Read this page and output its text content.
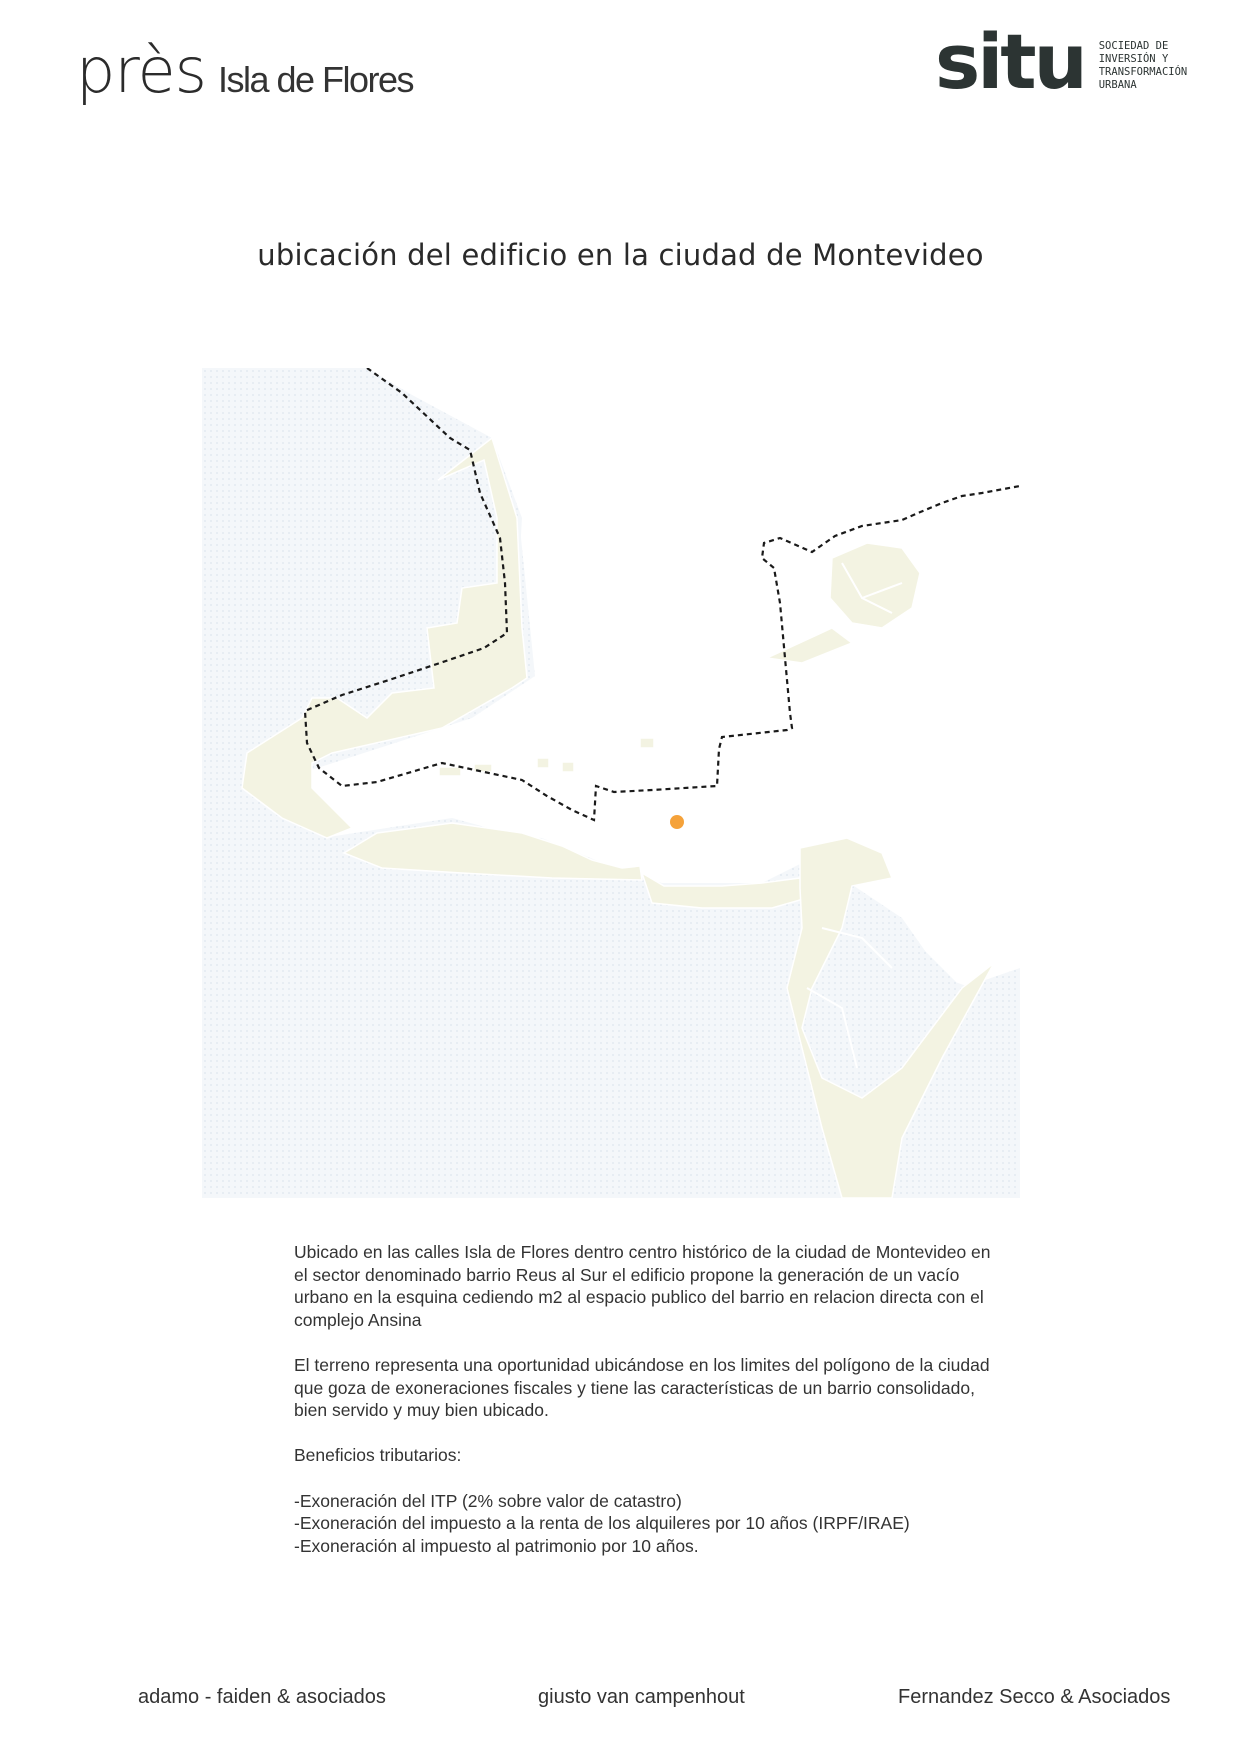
près Isla de Flores	situ SOCIEDAD DE
INVERSIÓN Y
TRANSFORMACIÓN
URBANA
ubicación del edificio en la ciudad de Montevideo

Ubicado en las calles Isla de Flores dentro centro histórico de la ciudad de Montevideo en el sector denominado barrio Reus al Sur el edificio propone la generación de un vacío urbano en la esquina cediendo m2 al espacio publico del barrio en relacion directa con el complejo Ansina

El terreno representa una oportunidad ubicándose en los limites del polígono de la ciudad que goza de exoneraciones fiscales y tiene las características de un barrio consolidado, bien servido y muy bien ubicado.

Beneficios tributarios:

-Exoneración del ITP (2% sobre valor de catastro)
-Exoneración del impuesto a la renta de los alquileres por 10 años (IRPF/IRAE)
-Exoneración al impuesto al patrimonio por 10 años.
adamo - faiden & asociados	giusto van campenhout	Fernandez Secco & Asociados
